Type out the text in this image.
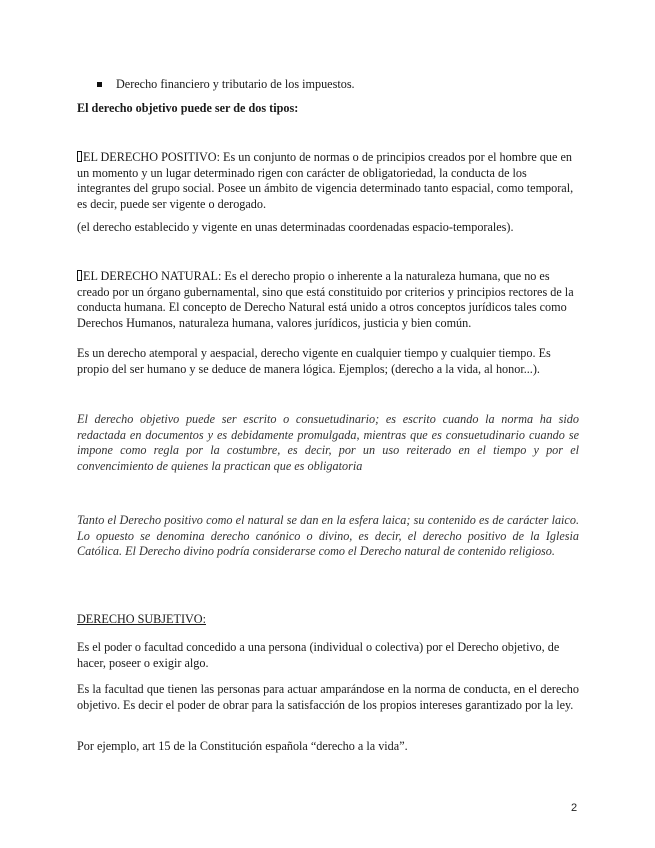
Derecho financiero y tributario de los impuestos.

El derecho objetivo puede ser de dos tipos:

EL DERECHO POSITIVO: Es un conjunto de normas o de principios creados por el hombre que en un momento y un lugar determinado rigen con carácter de obligatoriedad, la conducta de los integrantes del grupo social. Posee un ámbito de vigencia determinado tanto espacial, como temporal, es decir, puede ser vigente o derogado.

(el derecho establecido y vigente en unas determinadas coordenadas espacio-temporales).

EL DERECHO NATURAL: Es el derecho propio o inherente a la naturaleza humana, que no es creado por un órgano gubernamental, sino que está constituido por criterios y principios rectores de la conducta humana. El concepto de Derecho Natural está unido a otros conceptos jurídicos tales como Derechos Humanos, naturaleza humana, valores jurídicos, justicia y bien común.

Es un derecho atemporal y aespacial, derecho vigente en cualquier tiempo y cualquier tiempo. Es propio del ser humano y se deduce de manera lógica. Ejemplos; (derecho a la vida, al honor...).

El derecho objetivo puede ser escrito o consuetudinario; es escrito cuando la norma ha sido redactada en documentos y es debidamente promulgada, mientras que es consuetudinario cuando se impone como regla por la costumbre, es decir, por un uso reiterado en el tiempo y por el convencimiento de quienes la practican que es obligatoria

Tanto el Derecho positivo como el natural se dan en la esfera laica; su contenido es de carácter laico. Lo opuesto se denomina derecho canónico o divino, es decir, el derecho positivo de la Iglesia Católica. El Derecho divino podría considerarse como el Derecho natural de contenido religioso.

DERECHO SUBJETIVO:

Es el poder o facultad concedido a una persona (individual o colectiva) por el Derecho objetivo, de hacer, poseer o exigir algo.

Es la facultad que tienen las personas para actuar amparándose en la norma de conducta, en el derecho objetivo. Es decir el poder de obrar para la satisfacción de los propios intereses garantizado por la ley.

Por ejemplo, art 15 de la Constitución española “derecho a la vida”.

2
